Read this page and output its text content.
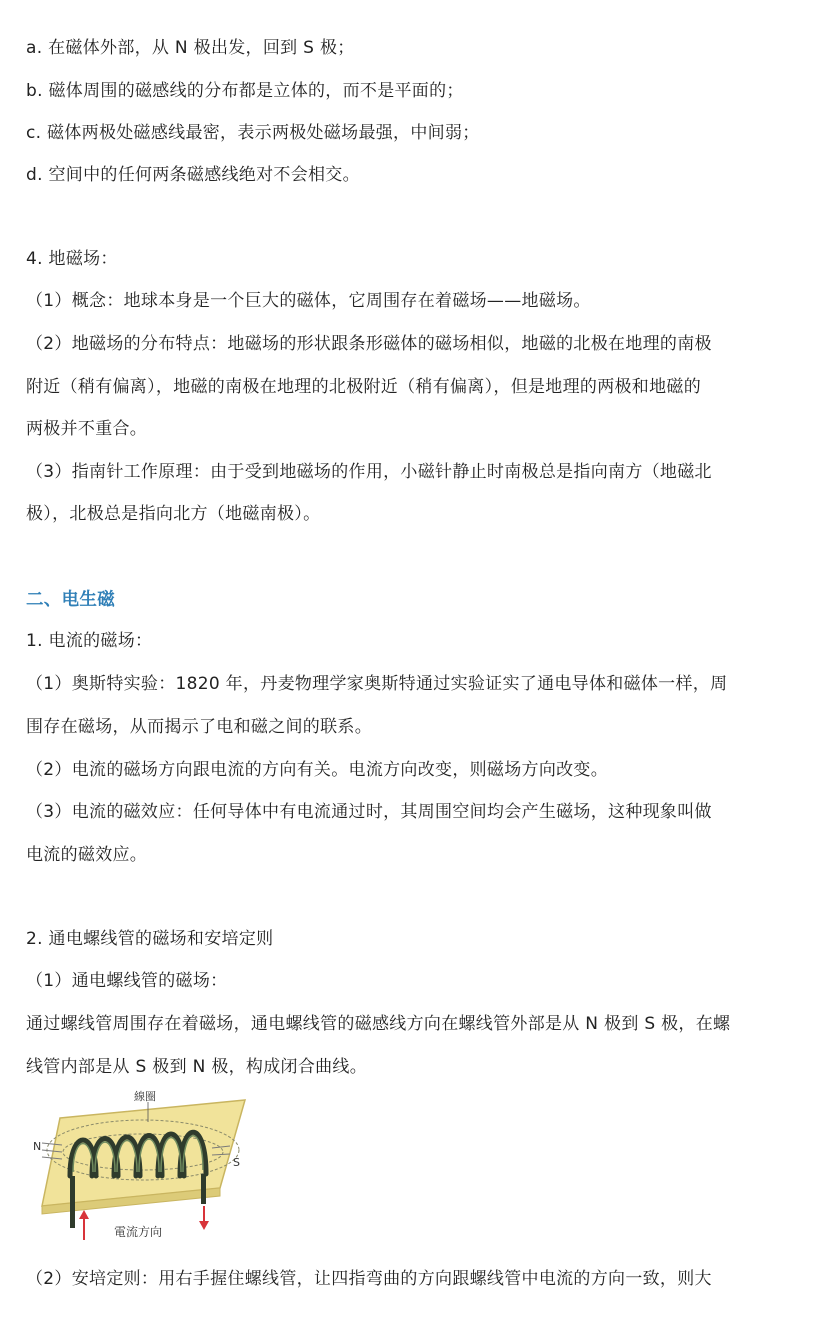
a. 在磁体外部，从 N 极出发，回到 S 极；
b. 磁体周围的磁感线的分布都是立体的，而不是平面的；
c. 磁体两极处磁感线最密，表示两极处磁场最强，中间弱；
d. 空间中的任何两条磁感线绝对不会相交。
4. 地磁场：
（1）概念：地球本身是一个巨大的磁体，它周围存在着磁场——地磁场。
（2）地磁场的分布特点：地磁场的形状跟条形磁体的磁场相似，地磁的北极在地理的南极
附近（稍有偏离），地磁的南极在地理的北极附近（稍有偏离），但是地理的两极和地磁的
两极并不重合。
（3）指南针工作原理：由于受到地磁场的作用，小磁针静止时南极总是指向南方（地磁北
极），北极总是指向北方（地磁南极）。
二、电生磁
1. 电流的磁场：
（1）奥斯特实验：1820 年，丹麦物理学家奥斯特通过实验证实了通电导体和磁体一样，周
围存在磁场，从而揭示了电和磁之间的联系。
（2）电流的磁场方向跟电流的方向有关。电流方向改变，则磁场方向改变。
（3）电流的磁效应：任何导体中有电流通过时，其周围空间均会产生磁场，这种现象叫做
电流的磁效应。
2. 通电螺线管的磁场和安培定则
（1）通电螺线管的磁场：
通过螺线管周围存在着磁场，通电螺线管的磁感线方向在螺线管外部是从 N 极到 S 极，在螺
线管内部是从 S 极到 N 极，构成闭合曲线。
線圈
N
S
電流方向
（2）安培定则：用右手握住螺线管，让四指弯曲的方向跟螺线管中电流的方向一致，则大
